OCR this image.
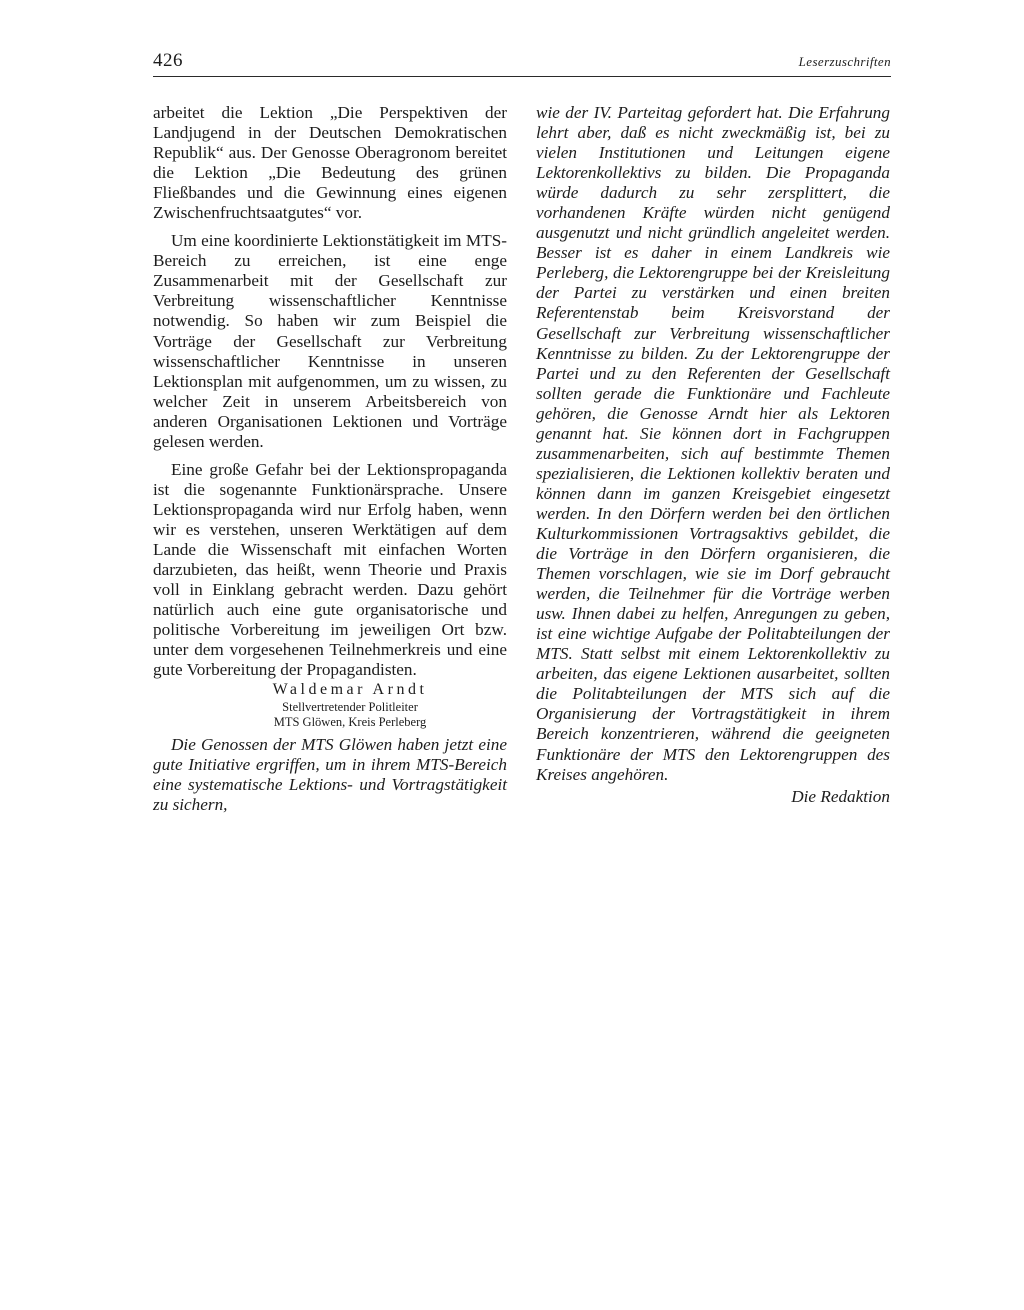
426	Leserzuschriften

arbeitet die Lektion „Die Perspektiven der Landjugend in der Deutschen Demokratischen Republik“ aus. Der Genosse Oberagronom bereitet die Lektion „Die Bedeutung des grünen Fließbandes und die Gewinnung eines eigenen Zwischenfruchtsaatgutes“ vor.

Um eine koordinierte Lektionstätigkeit im MTS-Bereich zu erreichen, ist eine enge Zusammenarbeit mit der Gesellschaft zur Verbreitung wissenschaftlicher Kenntnisse notwendig. So haben wir zum Beispiel die Vorträge der Gesellschaft zur Verbreitung wissenschaftlicher Kenntnisse in unseren Lektionsplan mit aufgenommen, um zu wissen, zu welcher Zeit in unserem Arbeitsbereich von anderen Organisationen Lektionen und Vorträge gelesen werden.

Eine große Gefahr bei der Lektionspropaganda ist die sogenannte Funktionärsprache. Unsere Lektionspropaganda wird nur Erfolg haben, wenn wir es verstehen, unseren Werktätigen auf dem Lande die Wissenschaft mit einfachen Worten darzubieten, das heißt, wenn Theorie und Praxis voll in Einklang gebracht werden. Dazu gehört natürlich auch eine gute organisatorische und politische Vorbereitung im jeweiligen Ort bzw. unter dem vorgesehenen Teilnehmerkreis und eine gute Vorbereitung der Propagandisten.

Waldemar Arndt
Stellvertretender Politleiter
MTS Glöwen, Kreis Perleberg

Die Genossen der MTS Glöwen haben jetzt eine gute Initiative ergriffen, um in ihrem MTS-Bereich eine systematische Lektions- und Vortragstätigkeit zu sichern,

wie der IV. Parteitag gefordert hat. Die Erfahrung lehrt aber, daß es nicht zweckmäßig ist, bei zu vielen Institutionen und Leitungen eigene Lektorenkollektivs zu bilden. Die Propaganda würde dadurch zu sehr zersplittert, die vorhandenen Kräfte würden nicht genügend ausgenutzt und nicht gründlich angeleitet werden. Besser ist es daher in einem Landkreis wie Perleberg, die Lektorengruppe bei der Kreisleitung der Partei zu verstärken und einen breiten Referentenstab beim Kreisvorstand der Gesellschaft zur Verbreitung wissenschaftlicher Kenntnisse zu bilden. Zu der Lektorengruppe der Partei und zu den Referenten der Gesellschaft sollten gerade die Funktionäre und Fachleute gehören, die Genosse Arndt hier als Lektoren genannt hat. Sie können dort in Fachgruppen zusammenarbeiten, sich auf bestimmte Themen spezialisieren, die Lektionen kollektiv beraten und können dann im ganzen Kreisgebiet eingesetzt werden. In den Dörfern werden bei den örtlichen Kulturkommissionen Vortragsaktivs gebildet, die die Vorträge in den Dörfern organisieren, die Themen vorschlagen, wie sie im Dorf gebraucht werden, die Teilnehmer für die Vorträge werben usw. Ihnen dabei zu helfen, Anregungen zu geben, ist eine wichtige Aufgabe der Politabteilungen der MTS. Statt selbst mit einem Lektorenkollektiv zu arbeiten, das eigene Lektionen ausarbeitet, sollten die Politabteilungen der MTS sich auf die Organisierung der Vortragstätigkeit in ihrem Bereich konzentrieren, während die geeigneten Funktionäre der MTS den Lektorengruppen des Kreises angehören.

Die Redaktion
